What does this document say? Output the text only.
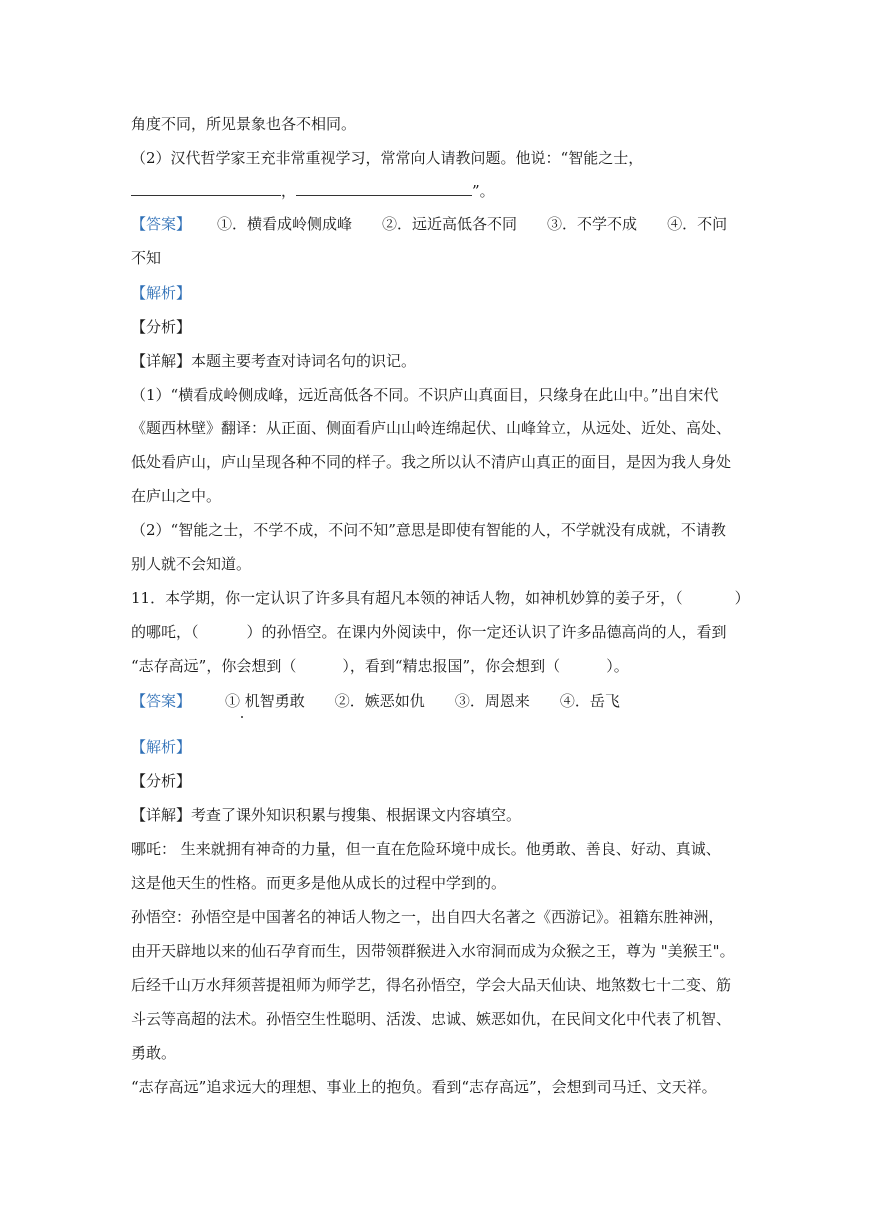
角度不同，所见景象也各不相同。
（2）汉代哲学家王充非常重视学习，常常向人请教问题。他说：“智能之士，
，	”。
【答案】 ①．横看成岭侧成峰 ②．远近高低各不同 ③．不学不成 ④．不问
不知
【解析】
【分析】
【详解】本题主要考查对诗词名句的识记。
（1）“横看成岭侧成峰，远近高低各不同。不识庐山真面目，只缘身在此山中。”出自宋代
《题西林壁》翻译：从正面、侧面看庐山山岭连绵起伏、山峰耸立，从远处、近处、高处、
低处看庐山，庐山呈现各种不同的样子。我之所以认不清庐山真正的面目，是因为我人身处
在庐山之中。
（2）“智能之士，不学不成，不问不知”意思是即使有智能的人，不学就没有成就，不请教
别人就不会知道。
11．本学期，你一定认识了许多具有超凡本领的神话人物，如神机妙算的姜子牙，（	）
的哪吒，（	）的孙悟空。在课内外阅读中，你一定还认识了许多品德高尚的人，看到
“志存高远”，你会想到（	），看到“精忠报国”，你会想到（	）。
【答案】 ① 机智勇敢 ②．嫉恶如仇 ③．周恩来 ④．岳飞
【解析】
【分析】
【详解】考查了课外知识积累与搜集、根据课文内容填空。
哪吒： 生来就拥有神奇的力量，但一直在危险环境中成长。他勇敢、善良、好动、真诚、
这是他天生的性格。而更多是他从成长的过程中学到的。
孙悟空：孙悟空是中国著名的神话人物之一，出自四大名著之《西游记》。祖籍东胜神洲，
由开天辟地以来的仙石孕育而生，因带领群猴进入水帘洞而成为众猴之王，尊为 "美猴王"。
后经千山万水拜须菩提祖师为师学艺，得名孙悟空，学会大品天仙诀、地煞数七十二变、筋
斗云等高超的法术。孙悟空生性聪明、活泼、忠诚、嫉恶如仇，在民间文化中代表了机智、
勇敢。
“志存高远”追求远大的理想、事业上的抱负。看到“志存高远”，会想到司马迁、文天祥。
